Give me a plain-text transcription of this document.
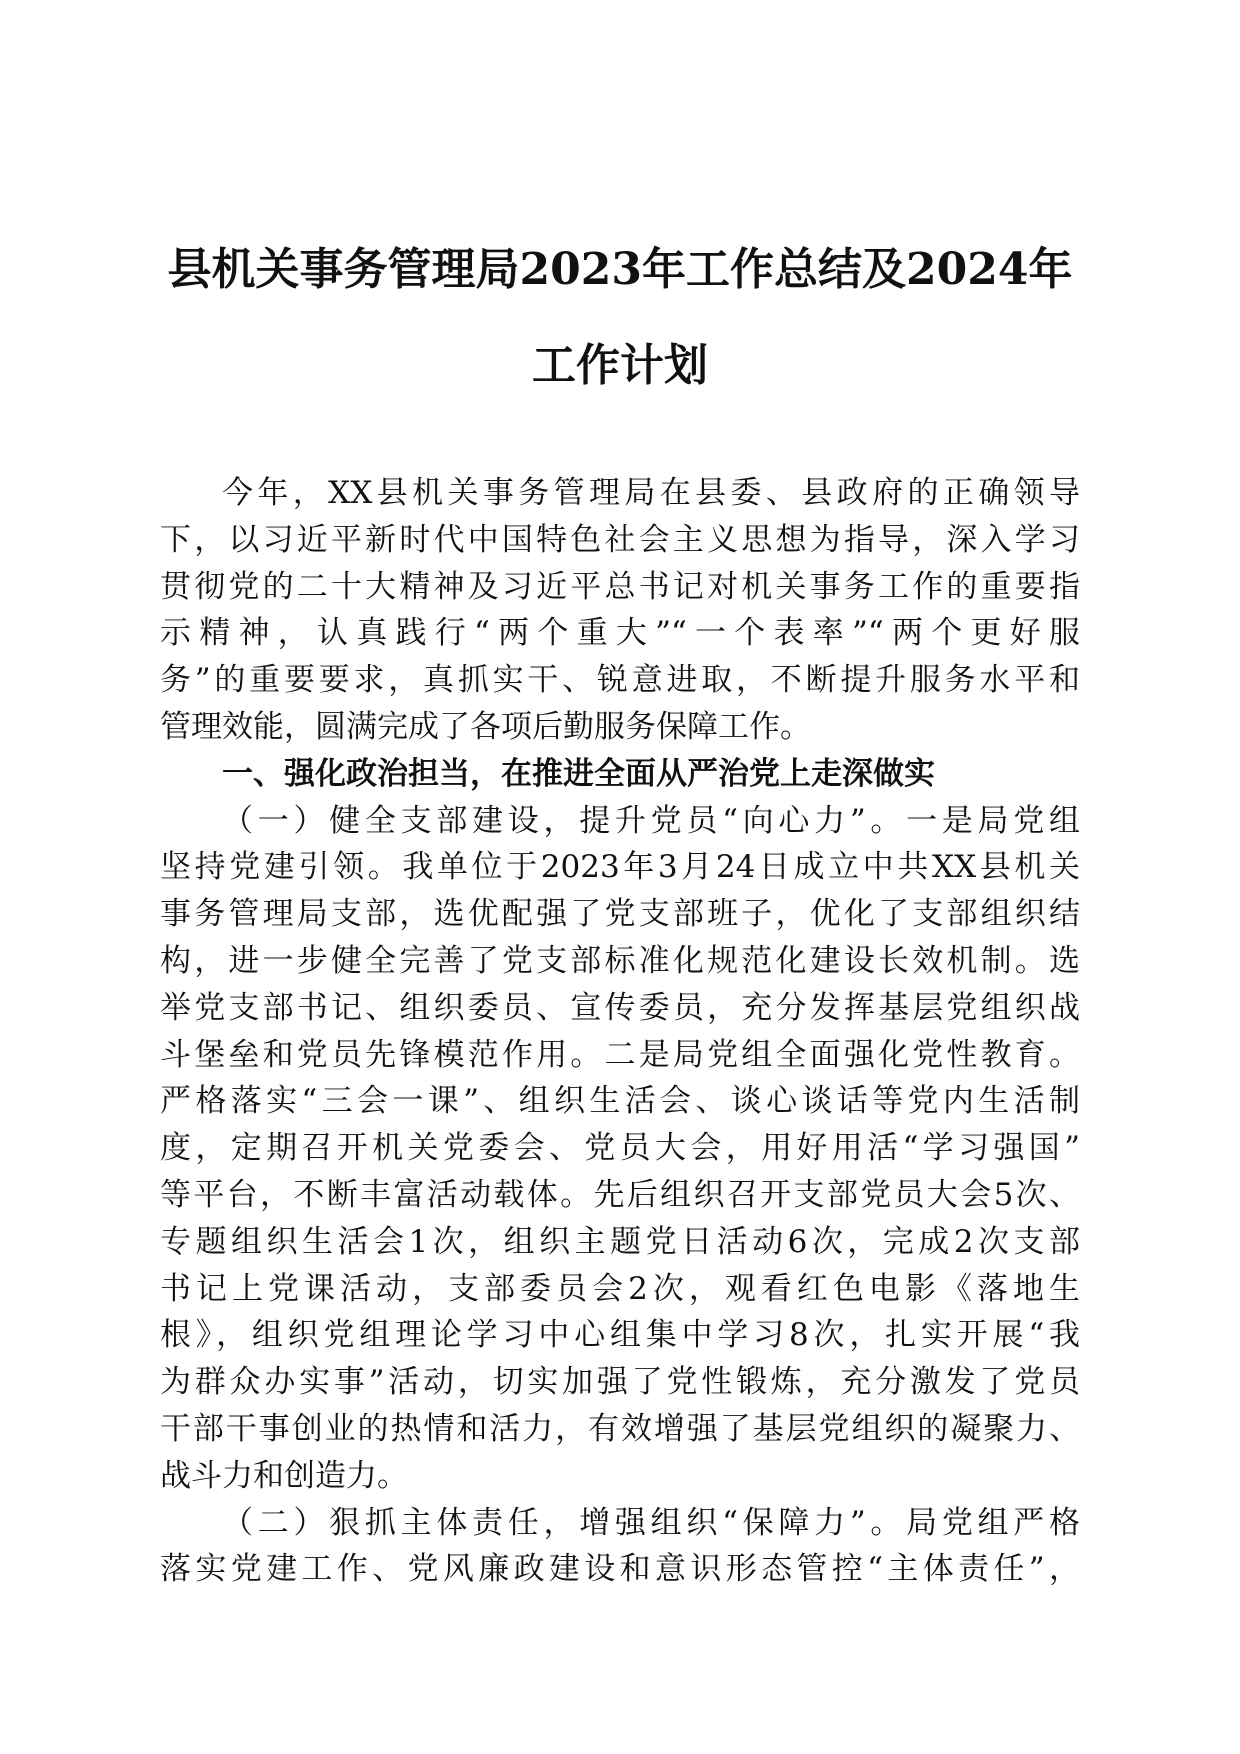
县机关事务管理局2023年工作总结及2024年
工作计划
今年，XX县机关事务管理局在县委、县政府的正确领导
下，以习近平新时代中国特色社会主义思想为指导，深入学习
贯彻党的二十大精神及习近平总书记对机关事务工作的重要指
示精神，认真践行“两个重大”“一个表率”“两个更好服
务”的重要要求，真抓实干、锐意进取，不断提升服务水平和
管理效能，圆满完成了各项后勤服务保障工作。
一、强化政治担当，在推进全面从严治党上走深做实
（一）健全支部建设，提升党员“向心力”。一是局党组
坚持党建引领。我单位于2023年3月24日成立中共XX县机关
事务管理局支部，选优配强了党支部班子，优化了支部组织结
构，进一步健全完善了党支部标准化规范化建设长效机制。选
举党支部书记、组织委员、宣传委员，充分发挥基层党组织战
斗堡垒和党员先锋模范作用。二是局党组全面强化党性教育。
严格落实“三会一课”、组织生活会、谈心谈话等党内生活制
度，定期召开机关党委会、党员大会，用好用活“学习强国”
等平台，不断丰富活动载体。先后组织召开支部党员大会5次、
专题组织生活会1次，组织主题党日活动6次，完成2次支部
书记上党课活动，支部委员会2次，观看红色电影《落地生
根》，组织党组理论学习中心组集中学习8次，扎实开展“我
为群众办实事”活动，切实加强了党性锻炼，充分激发了党员
干部干事创业的热情和活力，有效增强了基层党组织的凝聚力、
战斗力和创造力。
（二）狠抓主体责任，增强组织“保障力”。局党组严格
落实党建工作、党风廉政建设和意识形态管控“主体责任”，
